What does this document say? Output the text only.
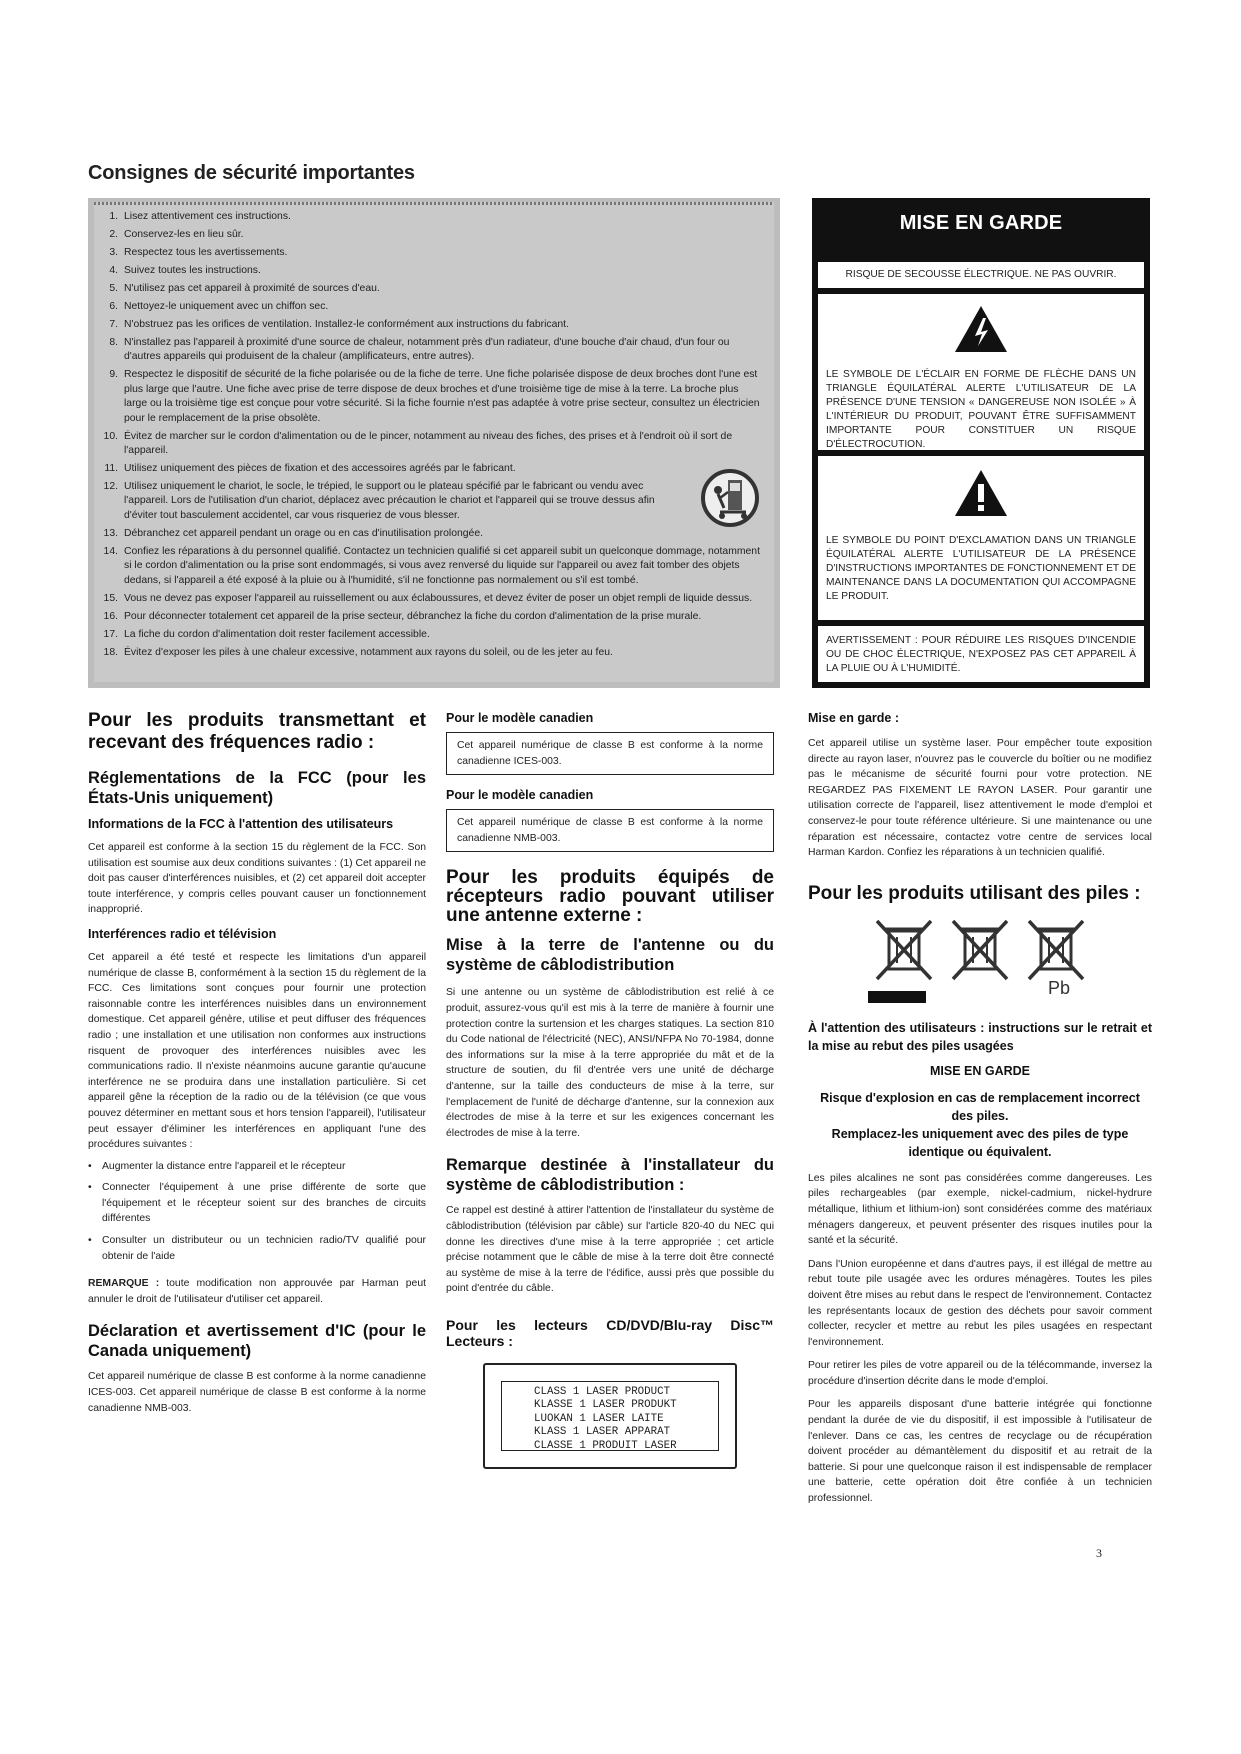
Consignes de sécurité importantes
1. Lisez attentivement ces instructions.
2. Conservez-les en lieu sûr.
3. Respectez tous les avertissements.
4. Suivez toutes les instructions.
5. N'utilisez pas cet appareil à proximité de sources d'eau.
6. Nettoyez-le uniquement avec un chiffon sec.
7. N'obstruez pas les orifices de ventilation. Installez-le conformément aux instructions du fabricant.
8. N'installez pas l'appareil à proximité d'une source de chaleur, notamment près d'un radiateur, d'une bouche d'air chaud, d'un four ou d'autres appareils qui produisent de la chaleur (amplificateurs, entre autres).
9. Respectez le dispositif de sécurité de la fiche polarisée ou de la fiche de terre. Une fiche polarisée dispose de deux broches dont l'une est plus large que l'autre. Une fiche avec prise de terre dispose de deux broches et d'une troisième tige de mise à la terre. La broche plus large ou la troisième tige est conçue pour votre sécurité. Si la fiche fournie n'est pas adaptée à votre prise secteur, consultez un électricien pour le remplacement de la prise obsolète.
10. Évitez de marcher sur le cordon d'alimentation ou de le pincer, notamment au niveau des fiches, des prises et à l'endroit où il sort de l'appareil.
11. Utilisez uniquement des pièces de fixation et des accessoires agréés par le fabricant.
12. Utilisez uniquement le chariot, le socle, le trépied, le support ou le plateau spécifié par le fabricant ou vendu avec l'appareil. Lors de l'utilisation d'un chariot, déplacez avec précaution le chariot et l'appareil qui se trouve dessus afin d'éviter tout basculement accidentel, car vous risqueriez de vous blesser.
13. Débranchez cet appareil pendant un orage ou en cas d'inutilisation prolongée.
14. Confiez les réparations à du personnel qualifié. Contactez un technicien qualifié si cet appareil subit un quelconque dommage, notamment si le cordon d'alimentation ou la prise sont endommagés, si vous avez renversé du liquide sur l'appareil ou avez fait tomber des objets dedans, si l'appareil a été exposé à la pluie ou à l'humidité, s'il ne fonctionne pas normalement ou s'il est tombé.
15. Vous ne devez pas exposer l'appareil au ruissellement ou aux éclaboussures, et devez éviter de poser un objet rempli de liquide dessus.
16. Pour déconnecter totalement cet appareil de la prise secteur, débranchez la fiche du cordon d'alimentation de la prise murale.
17. La fiche du cordon d'alimentation doit rester facilement accessible.
18. Évitez d'exposer les piles à une chaleur excessive, notamment aux rayons du soleil, ou de les jeter au feu.
MISE EN GARDE
RISQUE DE SECOUSSE ÉLECTRIQUE. NE PAS OUVRIR.
LE SYMBOLE DE L'ÉCLAIR EN FORME DE FLÈCHE DANS UN TRIANGLE ÉQUILATÉRAL ALERTE L'UTILISATEUR DE LA PRÉSENCE D'UNE TENSION « DANGEREUSE NON ISOLÉE » À L'INTÉRIEUR DU PRODUIT, POUVANT ÊTRE SUFFISAMMENT IMPORTANTE POUR CONSTITUER UN RISQUE D'ÉLECTROCUTION.
LE SYMBOLE DU POINT D'EXCLAMATION DANS UN TRIANGLE ÉQUILATÉRAL ALERTE L'UTILISATEUR DE LA PRÉSENCE D'INSTRUCTIONS IMPORTANTES DE FONCTIONNEMENT ET DE MAINTENANCE DANS LA DOCUMENTATION QUI ACCOMPAGNE LE PRODUIT.
AVERTISSEMENT : POUR RÉDUIRE LES RISQUES D'INCENDIE OU DE CHOC ÉLECTRIQUE, N'EXPOSEZ PAS CET APPAREIL À LA PLUIE OU À L'HUMIDITÉ.
Pour les produits transmettant et recevant des fréquences radio :
Réglementations de la FCC (pour les États-Unis uniquement)
Informations de la FCC à l'attention des utilisateurs

Cet appareil est conforme à la section 15 du règlement de la FCC. Son utilisation est soumise aux deux conditions suivantes : (1) Cet appareil ne doit pas causer d'interférences nuisibles, et (2) cet appareil doit accepter toute interférence, y compris celles pouvant causer un fonctionnement inapproprié.

Interférences radio et télévision

Cet appareil a été testé et respecte les limitations d'un appareil numérique de classe B, conformément à la section 15 du règlement de la FCC. Ces limitations sont conçues pour fournir une protection raisonnable contre les interférences nuisibles dans un environnement domestique. Cet appareil génère, utilise et peut diffuser des fréquences radio ; une installation et une utilisation non conformes aux instructions risquent de provoquer des interférences nuisibles avec les communications radio. Il n'existe néanmoins aucune garantie qu'aucune interférence ne se produira dans une installation particulière. Si cet appareil gêne la réception de la radio ou de la télévision (ce que vous pouvez déterminer en mettant sous et hors tension l'appareil), l'utilisateur peut essayer d'éliminer les interférences en appliquant l'une des procédures suivantes :

• Augmenter la distance entre l'appareil et le récepteur
• Connecter l'équipement à une prise différente de sorte que l'équipement et le récepteur soient sur des branches de circuits différentes
• Consulter un distributeur ou un technicien radio/TV qualifié pour obtenir de l'aide

REMARQUE : toute modification non approuvée par Harman peut annuler le droit de l'utilisateur d'utiliser cet appareil.

Déclaration et avertissement d'IC (pour le Canada uniquement)

Cet appareil numérique de classe B est conforme à la norme canadienne ICES-003. Cet appareil numérique de classe B est conforme à la norme canadienne NMB-003.

Pour le modèle canadien
Cet appareil numérique de classe B est conforme à la norme canadienne ICES-003.
Pour le modèle canadien
Cet appareil numérique de classe B est conforme à la norme canadienne NMB-003.
Pour les produits équipés de récepteurs radio pouvant utiliser une antenne externe :
Mise à la terre de l'antenne ou du système de câblodistribution

Si une antenne ou un système de câblodistribution est relié à ce produit, assurez-vous qu'il est mis à la terre de manière à fournir une protection contre la surtension et les charges statiques. La section 810 du Code national de l'électricité (NEC), ANSI/NFPA No 70-1984, donne des informations sur la mise à la terre appropriée du mât et de la structure de soutien, du fil d'entrée vers une unité de décharge d'antenne, sur la taille des conducteurs de mise à la terre, sur l'emplacement de l'unité de décharge d'antenne, sur la connexion aux électrodes de mise à la terre et sur les exigences concernant les électrodes de mise à la terre.

Remarque destinée à l'installateur du système de câblodistribution :

Ce rappel est destiné à attirer l'attention de l'installateur du système de câblodistribution (télévision par câble) sur l'article 820-40 du NEC qui donne les directives d'une mise à la terre appropriée ; cet article précise notamment que le câble de mise à la terre doit être connecté au système de mise à la terre de l'édifice, aussi près que possible du point d'entrée du câble.

Pour les lecteurs CD/DVD/Blu-ray Disc™ Lecteurs :
CLASS 1 LASER PRODUCT
KLASSE 1 LASER PRODUKT
LUOKAN 1 LASER LAITE
KLASS 1 LASER APPARAT
CLASSE 1 PRODUIT LASER
Mise en garde :

Cet appareil utilise un système laser. Pour empêcher toute exposition directe au rayon laser, n'ouvrez pas le couvercle du boîtier ou ne modifiez pas le mécanisme de sécurité fourni pour votre protection. NE REGARDEZ PAS FIXEMENT LE RAYON LASER. Pour garantir une utilisation correcte de l'appareil, lisez attentivement le mode d'emploi et conservez-le pour toute référence ultérieure. Si une maintenance ou une réparation est nécessaire, contactez votre centre de services local Harman Kardon. Confiez les réparations à un technicien qualifié.

Pour les produits utilisant des piles :
Pb
À l'attention des utilisateurs : instructions sur le retrait et la mise au rebut des piles usagées
MISE EN GARDE
Risque d'explosion en cas de remplacement incorrect des piles.
Remplacez-les uniquement avec des piles de type identique ou équivalent.

Les piles alcalines ne sont pas considérées comme dangereuses. Les piles rechargeables (par exemple, nickel-cadmium, nickel-hydrure métallique, lithium et lithium-ion) sont considérées comme des matériaux ménagers dangereux, et peuvent présenter des risques inutiles pour la santé et la sécurité.

Dans l'Union européenne et dans d'autres pays, il est illégal de mettre au rebut toute pile usagée avec les ordures ménagères. Toutes les piles doivent être mises au rebut dans le respect de l'environnement. Contactez les représentants locaux de gestion des déchets pour savoir comment collecter, recycler et mettre au rebut les piles usagées en respectant l'environnement.

Pour retirer les piles de votre appareil ou de la télécommande, inversez la procédure d'insertion décrite dans le mode d'emploi.

Pour les appareils disposant d'une batterie intégrée qui fonctionne pendant la durée de vie du dispositif, il est impossible à l'utilisateur de l'enlever. Dans ce cas, les centres de recyclage ou de récupération doivent procéder au démantèlement du dispositif et au retrait de la batterie. Si pour une quelconque raison il est indispensable de remplacer une batterie, cette opération doit être confiée à un technicien professionnel.

3
